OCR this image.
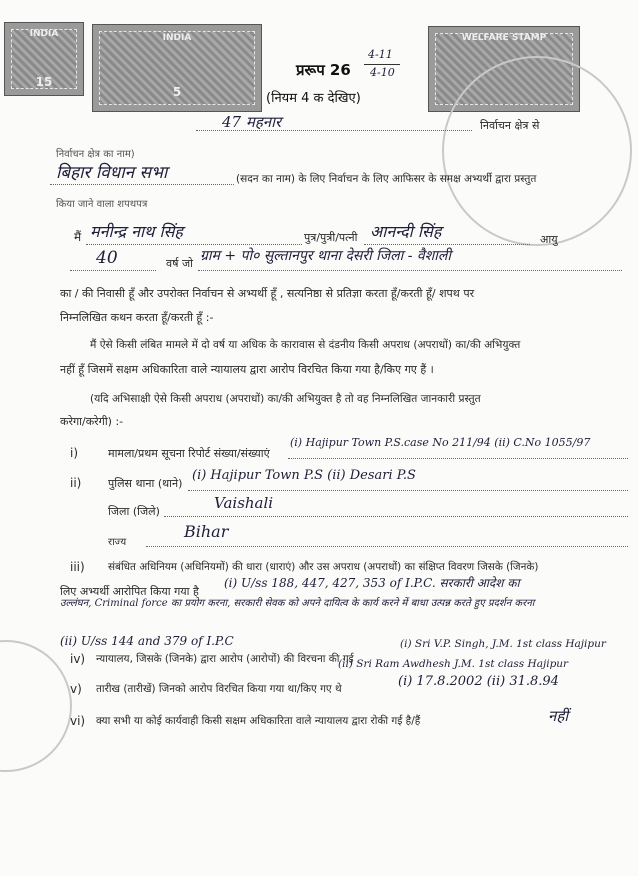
INDIA
15
INDIA
5
WELFARE STAMP
प्ररूप 26
4-11
4-10
(नियम 4 क देखिए)
47 महनार	निर्वाचन क्षेत्र से
निर्वाचन क्षेत्र का नाम)
बिहार विधान सभा	(सदन का नाम) के लिए निर्वाचन के लिए आफिसर के समक्ष अभ्यर्थी द्वारा प्रस्तुत
किया जाने वाला शपथपत्र
मैं मनीन्द्र नाथ सिंह	पुत्र/पुत्री/पत्नी आनन्दी सिंह	आयु
40	वर्ष जो ग्राम + पो० सुल्तानपुर थाना देसरी जिला - वैशाली
का / की निवासी हूँ और उपरोक्त निर्वाचन से अभ्यर्थी हूँ , सत्यनिष्ठा से प्रतिज्ञा करता हूँ/करती हूँ/ शपथ पर
निम्नलिखित कथन करता हूँ/करती हूँ :-
मैं ऐसे किसी लंबित मामले में दो वर्ष या अधिक के कारावास से दंडनीय किसी अपराध (अपराधों) का/की अभियुक्त
नहीं हूँ जिसमें सक्षम अधिकारिता वाले न्यायालय द्वारा आरोप विरचित किया गया है/किए गए हैं ।
(यदि अभिसाक्षी ऐसे किसी अपराध (अपराधों) का/की अभियुक्त है तो वह निम्नलिखित जानकारी प्रस्तुत
करेगा/करेगी) :-
i)	मामला/प्रथम सूचना रिपोर्ट संख्या/संख्याएं
(i) Hajipur Town P.S.case No 211/94 (ii) C.No 1055/97
ii) पुलिस थाना (थाने)
(i) Hajipur Town P.S (ii) Desari P.S
जिला (जिले)	Vaishali
राज्य
Bihar
iii) संबंधित अधिनियम (अधिनियमों) की धारा (धाराएं) और उस अपराध (अपराधों) का संक्षिप्त विवरण जिसके (जिनके)
लिए अभ्यर्थी आरोपित किया गया है
(i) U/ss 188, 447, 427, 353 of I.P.C. सरकारी आदेश का
उल्लंघन, Criminal force का प्रयोग करना, सरकारी सेवक को अपने दायित्व के कार्य करने में बाधा उत्पन्न करते हुए प्रदर्शन करना
(ii) U/ss 144 and 379 of I.P.C
iv) न्यायालय, जिसके (जिनके) द्वारा आरोप (आरोपों) की विरचना की गई
(i) Sri V.P. Singh, J.M. 1st class Hajipur
(ii) Sri Ram Awdhesh J.M. 1st class Hajipur
v) तारीख (तारीखें) जिनको आरोप विरचित किया गया था/किए गए थे	(i) 17.8.2002 (ii) 31.8.94
vi) क्या सभी या कोई कार्यवाही किसी सक्षम अधिकारिता वाले न्यायालय द्वारा रोकी गई है/हैं	नहीं
